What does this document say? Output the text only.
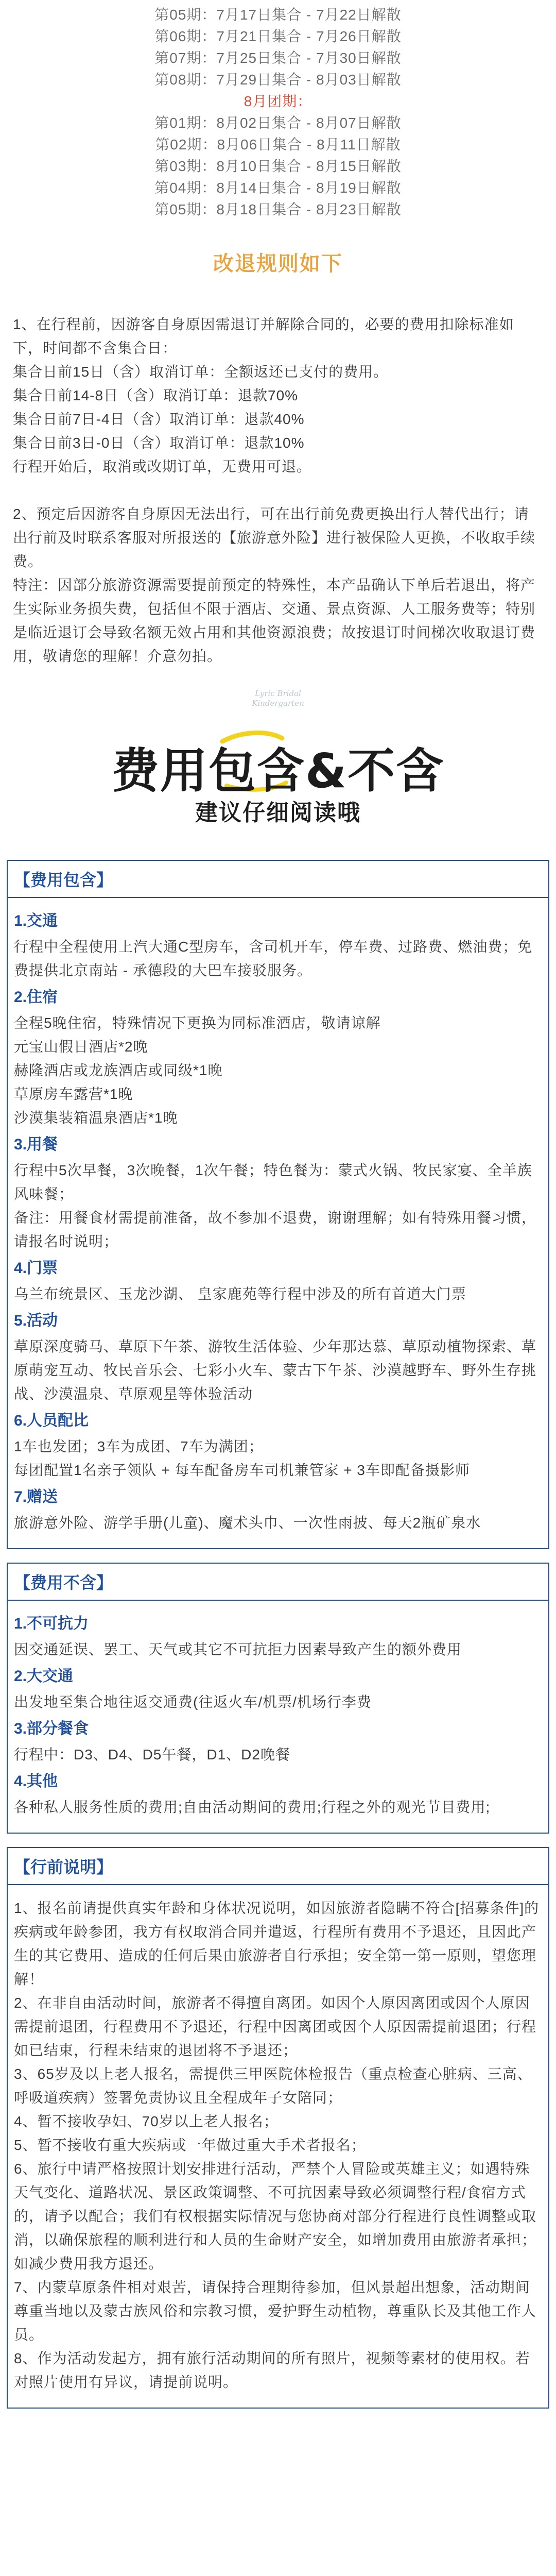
第05期：7月17日集合 - 7月22日解散
第06期：7月21日集合 - 7月26日解散
第07期：7月25日集合 - 7月30日解散
第08期：7月29日集合 - 8月03日解散
8月团期：
第01期：8月02日集合 - 8月07日解散
第02期：8月06日集合 - 8月11日解散
第03期：8月10日集合 - 8月15日解散
第04期：8月14日集合 - 8月19日解散
第05期：8月18日集合 - 8月23日解散
改退规则如下

1、在行程前，因游客自身原因需退订并解除合同的，必要的费用扣除标准如下，时间都不含集合日：

集合日前15日（含）取消订单：全额返还已支付的费用。

集合日前14-8日（含）取消订单：退款70%

集合日前7日-4日（含）取消订单：退款40%

集合日前3日-0日（含）取消订单：退款10%

行程开始后，取消或改期订单，无费用可退。

2、预定后因游客自身原因无法出行，可在出行前免费更换出行人替代出行；请出行前及时联系客服对所报送的【旅游意外险】进行被保险人更换，不收取手续费。

特注：因部分旅游资源需要提前预定的特殊性，本产品确认下单后若退出，将产生实际业务损失费，包括但不限于酒店、交通、景点资源、人工服务费等；特别是临近退订会导致名额无效占用和其他资源浪费；故按退订时间梯次收取退订费用，敬请您的理解！介意勿拍。

Lyric Bridal
Kindergarten
费用包含&不含
建议仔细阅读哦
【费用包含】
1.交通

行程中全程使用上汽大通C型房车，含司机开车，停车费、过路费、燃油费；免费提供北京南站 - 承德段的大巴车接驳服务。

2.住宿

全程5晚住宿，特殊情况下更换为同标准酒店，敬请谅解

元宝山假日酒店*2晚

赫隆酒店或龙族酒店或同级*1晚

草原房车露营*1晚

沙漠集装箱温泉酒店*1晚

3.用餐

行程中5次早餐，3次晚餐，1次午餐；特色餐为：蒙式火锅、牧民家宴、全羊族风味餐；

备注：用餐食材需提前准备，故不参加不退费，谢谢理解；如有特殊用餐习惯，请报名时说明；

4.门票

乌兰布统景区、玉龙沙湖、 皇家鹿苑等行程中涉及的所有首道大门票

5.活动

草原深度骑马、草原下午茶、游牧生活体验、少年那达慕、草原动植物探索、草原萌宠互动、牧民音乐会、七彩小火车、蒙古下午茶、沙漠越野车、野外生存挑战、沙漠温泉、草原观星等体验活动

6.人员配比

1车也发团；3车为成团、7车为满团；

每团配置1名亲子领队 + 每车配备房车司机兼管家 + 3车即配备摄影师

7.赠送

旅游意外险、游学手册(儿童)、魔术头巾、一次性雨披、每天2瓶矿泉水

【费用不含】
1.不可抗力

因交通延误、罢工、天气或其它不可抗拒力因素导致产生的额外费用

2.大交通

出发地至集合地往返交通费(往返火车/机票/机场行李费

3.部分餐食

行程中：D3、D4、D5午餐，D1、D2晚餐

4.其他

各种私人服务性质的费用;自由活动期间的费用;行程之外的观光节目费用;

【行前说明】

1、报名前请提供真实年龄和身体状况说明，如因旅游者隐瞒不符合[招募条件]的疾病或年龄参团，我方有权取消合同并遣返，行程所有费用不予退还，且因此产生的其它费用、造成的任何后果由旅游者自行承担；安全第一第一原则，望您理解！

2、在非自由活动时间，旅游者不得擅自离团。如因个人原因离团或因个人原因需提前退团，行程费用不予退还，行程中因离团或因个人原因需提前退团；行程如已结束，行程未结束的退团将不予退还；

3、65岁及以上老人报名，需提供三甲医院体检报告（重点检查心脏病、三高、呼吸道疾病）签署免责协议且全程成年子女陪同；

4、暂不接收孕妇、70岁以上老人报名；

5、暂不接收有重大疾病或一年做过重大手术者报名；

6、旅行中请严格按照计划安排进行活动，严禁个人冒险或英雄主义；如遇特殊天气变化、道路状况、景区政策调整、不可抗因素导致必须调整行程/食宿方式的，请予以配合；我们有权根据实际情况与您协商对部分行程进行良性调整或取消，以确保旅程的顺利进行和人员的生命财产安全，如增加费用由旅游者承担；如减少费用我方退还。

7、内蒙草原条件相对艰苦，请保持合理期待参加，但风景超出想象，活动期间尊重当地以及蒙古族风俗和宗教习惯，爱护野生动植物，尊重队长及其他工作人员。

8、作为活动发起方，拥有旅行活动期间的所有照片，视频等素材的使用权。若对照片使用有异议，请提前说明。
